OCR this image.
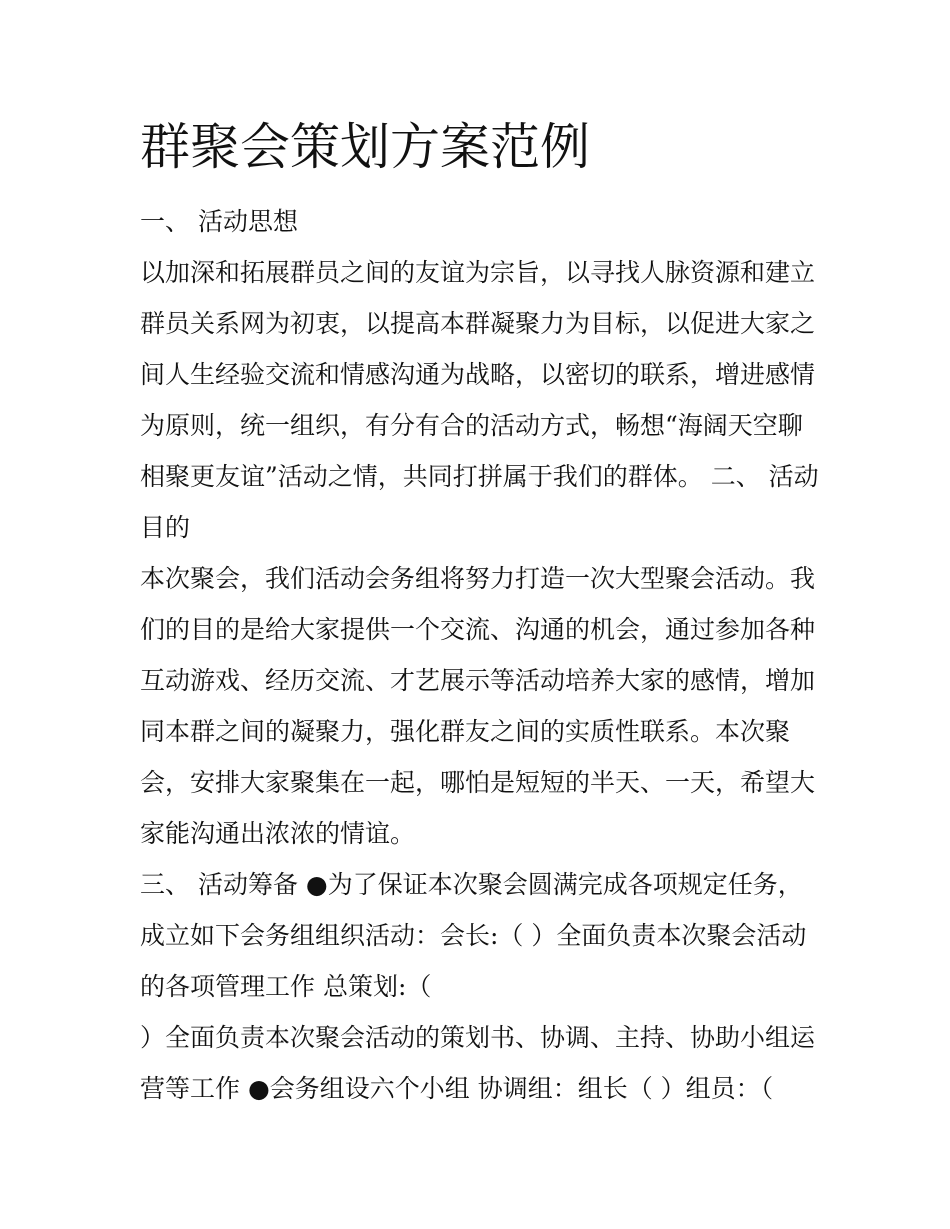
群聚会策划方案范例
一、 活动思想
以加深和拓展群员之间的友谊为宗旨，以寻找人脉资源和建立
群员关系网为初衷，以提高本群凝聚力为目标，以促进大家之
间人生经验交流和情感沟通为战略，以密切的联系，增进感情
为原则，统一组织，有分有合的活动方式，畅想“海阔天空聊
相聚更友谊”活动之情，共同打拼属于我们的群体。 二、 活动
目的
本次聚会，我们活动会务组将努力打造一次大型聚会活动。我
们的目的是给大家提供一个交流、沟通的机会，通过参加各种
互动游戏、经历交流、才艺展示等活动培养大家的感情，增加
同本群之间的凝聚力，强化群友之间的实质性联系。本次聚
会，安排大家聚集在一起，哪怕是短短的半天、一天，希望大
家能沟通出浓浓的情谊。
三、 活动筹备 ●为了保证本次聚会圆满完成各项规定任务，
成立如下会务组组织活动：会长:（ ）全面负责本次聚会活动
的各项管理工作 总策划:（
）全面负责本次聚会活动的策划书、协调、主持、协助小组运
营等工作 ●会务组设六个小组 协调组：组长（ ）组员：（
